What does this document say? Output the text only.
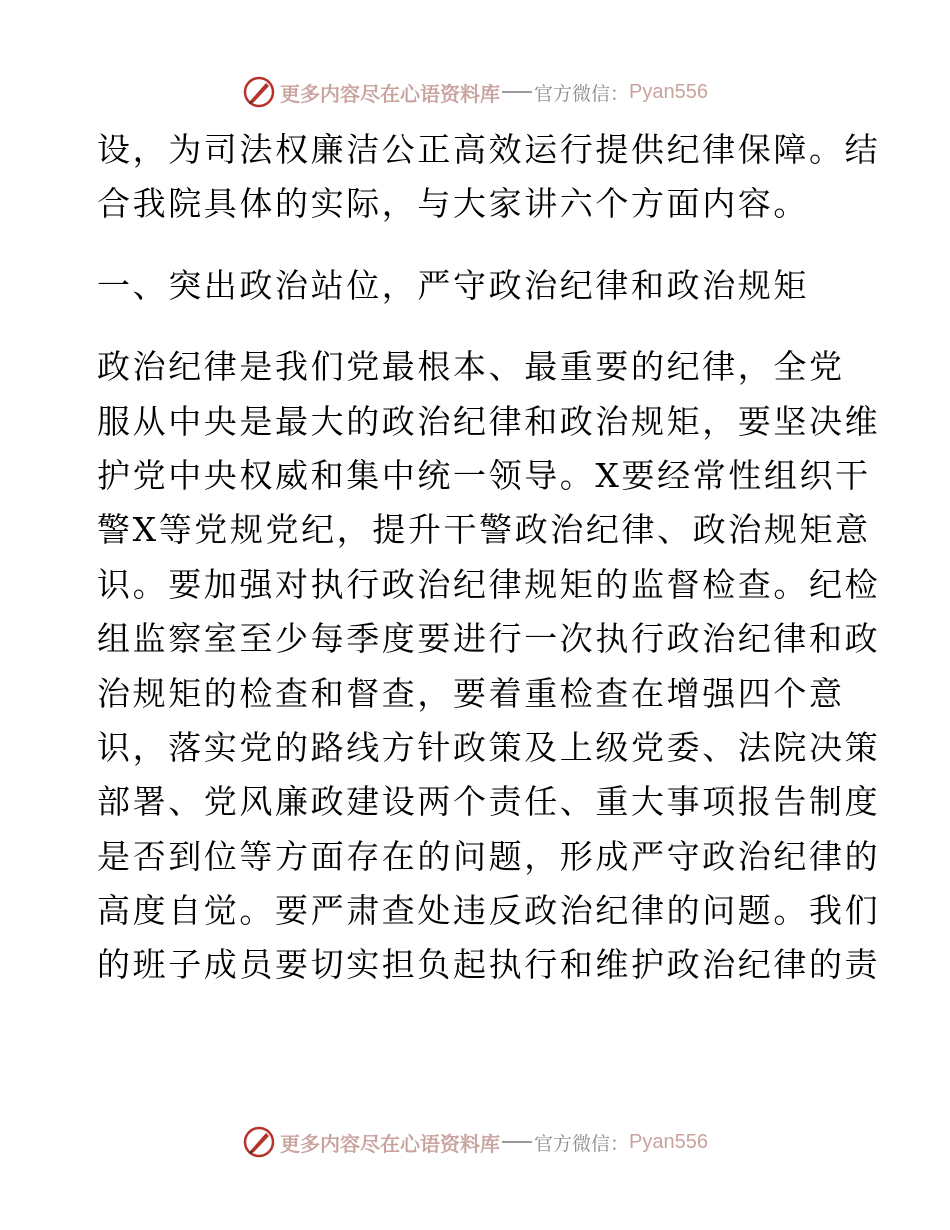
更多内容尽在心语资料库 官方微信： Pyan556
设，为司法权廉洁公正高效运行提供纪律保障。结
合我院具体的实际，与大家讲六个方面内容。
一、突出政治站位，严守政治纪律和政治规矩
政治纪律是我们党最根本、最重要的纪律，全党
服从中央是最大的政治纪律和政治规矩，要坚决维
护党中央权威和集中统一领导。X要经常性组织干
警X等党规党纪，提升干警政治纪律、政治规矩意
识。要加强对执行政治纪律规矩的监督检查。纪检
组监察室至少每季度要进行一次执行政治纪律和政
治规矩的检查和督查，要着重检查在增强四个意
识，落实党的路线方针政策及上级党委、法院决策
部署、党风廉政建设两个责任、重大事项报告制度
是否到位等方面存在的问题，形成严守政治纪律的
高度自觉。要严肃查处违反政治纪律的问题。我们
的班子成员要切实担负起执行和维护政治纪律的责
更多内容尽在心语资料库 官方微信： Pyan556
